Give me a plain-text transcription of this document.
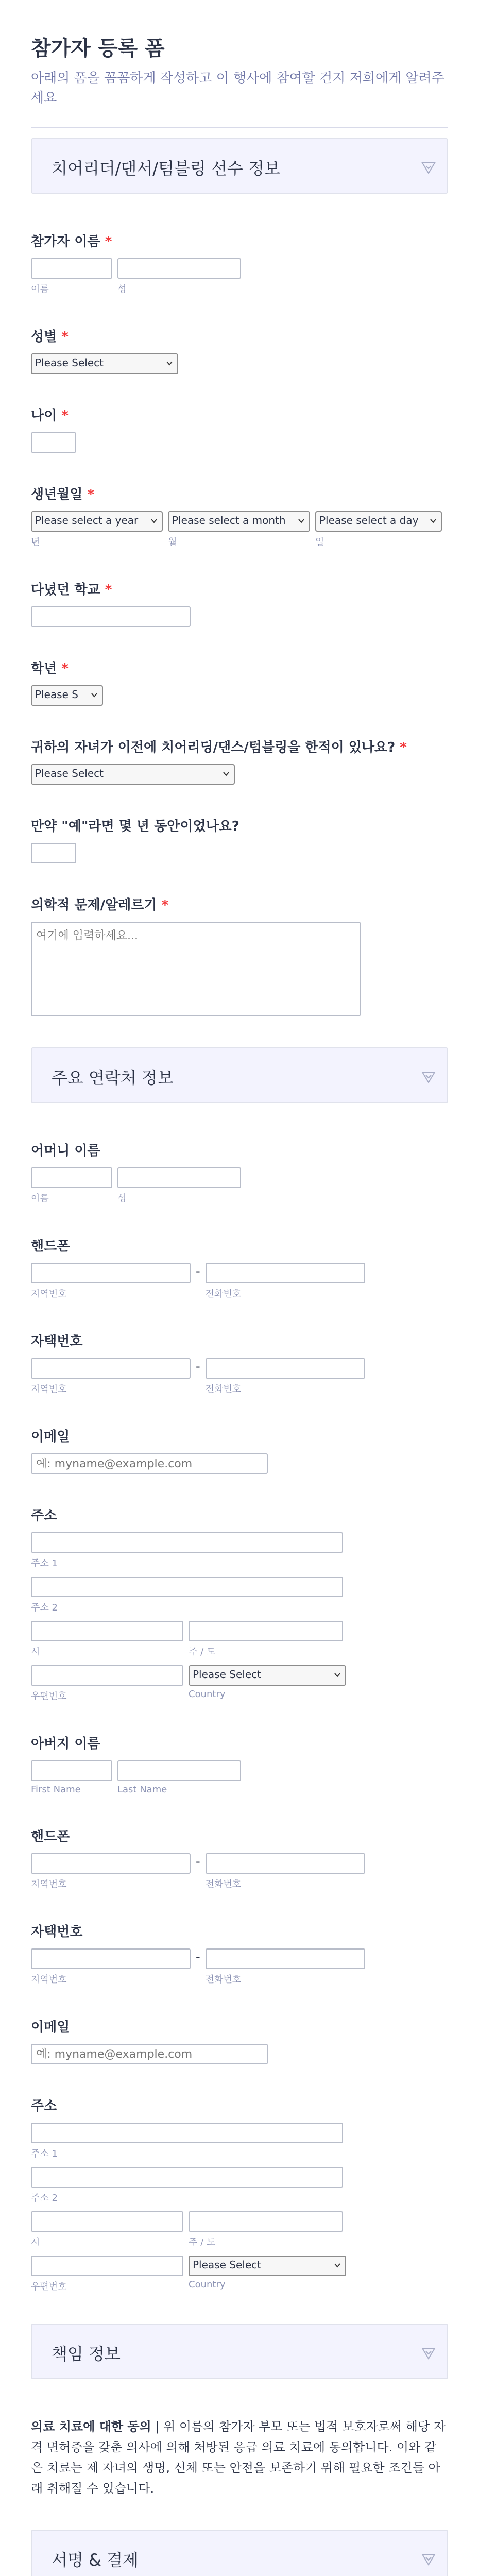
참가자 등록 폼
아래의 폼을 꼼꼼하게 작성하고 이 행사에 참여할 건지 저희에게 알려주세요
치어리더/댄서/텀블링 선수 정보
참가자 이름 *
이름	성
성별 *
Please Select
나이 *
생년월일 *
Please select a year
년
Please select a month
월
Please select a day
일
다녔던 학교 *
학년 *
Please S
귀하의 자녀가 이전에 치어리딩/댄스/텀블링을 한적이 있나요? *
Please Select
만약 "예"라면 몇 년 동안이었나요?
의학적 문제/알레르기 *
여기에 입력하세요...
주요 연락처 정보
어머니 이름
이름	성
핸드폰
지역번호
-
전화번호
자택번호
지역번호
-
전화번호
이메일
예: myname@example.com
주소
주소 1
주소 2
시	주 / 도
우편번호
Please Select
Country
아버지 이름
First Name	Last Name
핸드폰
지역번호
-
전화번호
자택번호
지역번호
-
전화번호
이메일
예: myname@example.com
주소
주소 1
주소 2
시	주 / 도
우편번호
Please Select
Country
책임 정보
의료 치료에 대한 동의 | 위 이름의 참가자 부모 또는 법적 보호자로써 해당 자격 면허증을 갖춘 의사에 의해 처방된 응급 의료 치료에 동의합니다. 이와 같은 치료는 제 자녀의 생명, 신체 또는 안전을 보존하기 위해 필요한 조건들 아래 취해질 수 있습니다.
서명 & 결제
